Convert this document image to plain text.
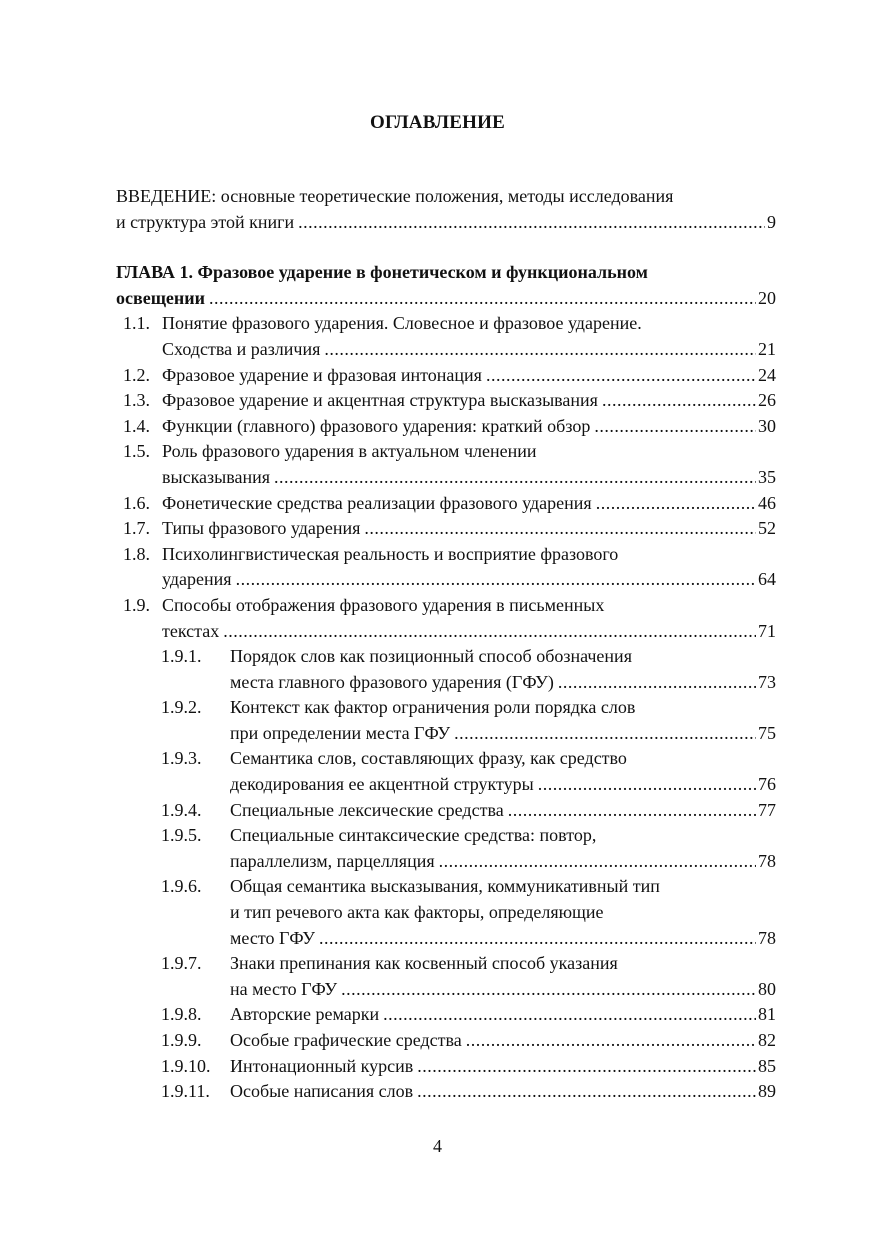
ОГЛАВЛЕНИЕ
ВВЕДЕНИЕ: основные теоретические положения, методы исследования
и структура этой книги .....	9
ГЛАВА 1. Фразовое ударение в фонетическом и функциональном
освещении .....	20
1.1. Понятие фразового ударения. Словесное и фразовое ударение.
Сходства и различия .....	21
1.2. Фразовое ударение и фразовая интонация .....	24
1.3. Фразовое ударение и акцентная структура высказывания .....	26
1.4. Функции (главного) фразового ударения: краткий обзор .....	30
1.5. Роль фразового ударения в актуальном членении
высказывания .....	35
1.6. Фонетические средства реализации фразового ударения .....	46
1.7. Типы фразового ударения .....	52
1.8. Психолингвистическая реальность и восприятие фразового
ударения .....	64
1.9. Способы отображения фразового ударения в письменных
текстах .....	71
1.9.1. Порядок слов как позиционный способ обозначения
места главного фразового ударения (ГФУ) .....	73
1.9.2. Контекст как фактор ограничения роли порядка слов
при определении места ГФУ .....	75
1.9.3. Семантика слов, составляющих фразу, как средство
декодирования ее акцентной структуры .....	76
1.9.4. Специальные лексические средства .....	77
1.9.5. Специальные синтаксические средства: повтор,
параллелизм, парцелляция .....	78
1.9.6. Общая семантика высказывания, коммуникативный тип
и тип речевого акта как факторы, определяющие
место ГФУ .....	78
1.9.7. Знаки препинания как косвенный способ указания
на место ГФУ .....	80
1.9.8. Авторские ремарки .....	81
1.9.9. Особые графические средства .....	82
1.9.10. Интонационный курсив .....	85
1.9.11. Особые написания слов .....	89
4
